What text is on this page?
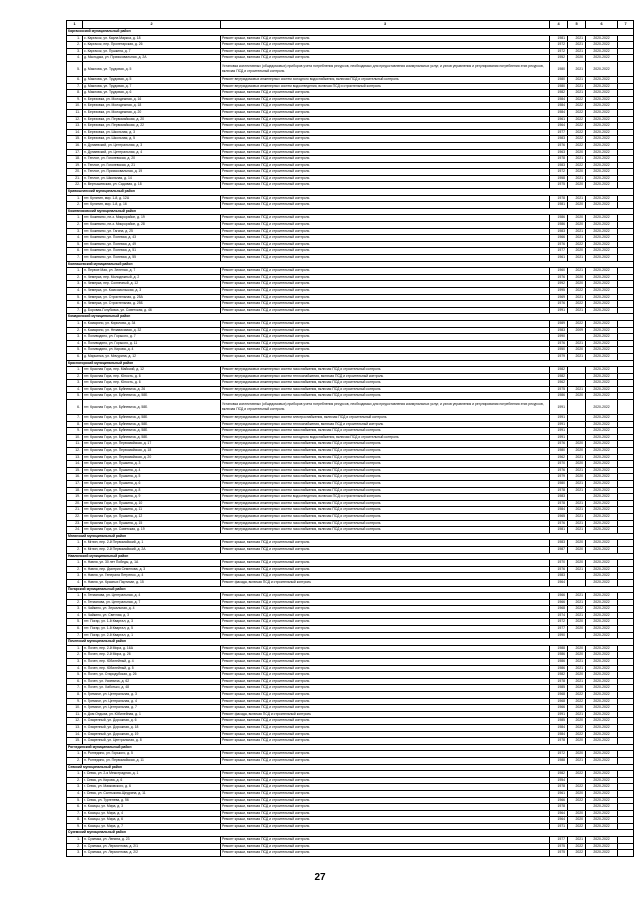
1	2	3	4	5	6	7
Каргасокский муниципальный район						
1.	с. Каргасок, ул. Карла Маркса, д. 18	Ремонт крыши, включая ПСД и строительный контроль	1981	2021	2020-2022	
2.	с. Каргасок, пер. Пролетарская, д. 26	Ремонт крыши, включая ПСД и строительный контроль	1972	2021	2020-2022	
3.	с. Каргасок, ул. Пушкина, д. 7	Ремонт крыши, включая ПСД и строительный контроль	1972	2021	2020-2022	
4.	д. Мыльджа, ул. Приисковальная, д. 2А	Ремонт крыши, включая ПСД и строительный контроль	1952	2020	2020-2022	
5.	д. Маклова, ул. Трудовая, д. 5	Установка коллективных (общедомовых) приборов учета потребления ресурсов, необходимых для предоставления коммунальных услуг, и узлов управления и регулирования потребления этих ресурсов, включая ПСД и строительный контроль	1980	2021	2020-2022	
6.	д. Маклова, ул. Трудовая, д. 5	Ремонт внутридомовых инженерных систем холодного водоснабжения, включая ПСД и строительный контроль	1980	2021	2020-2022	
7.	д. Маклова, ул. Трудовая, д. 7	Ремонт внутридомовых инженерных систем водоотведения, включая ПСД и строительный контроль	1980	2021	2020-2022	
8.	д. Маклова, ул. Трудовая, д. 6	Ремонт крыши, включая ПСД и строительный контроль	1982	2021	2020-2022	
9.	п. Березовка, ул. Молодежная, д. 16	Ремонт крыши, включая ПСД и строительный контроль	1984	2022	2020-2022	
10.	п. Березовка, ул. Молодежная, д. 18	Ремонт крыши, включая ПСД и строительный контроль	1984	2022	2020-2022	
11.	п. Березовка, ул. Молодежная, д. 20	Ремонт крыши, включая ПСД и строительный контроль	1984	2022	2020-2022	
12.	п. Березовка, ул. Первомайская, д. 20	Ремонт крыши, включая ПСД и строительный контроль	1961	2022	2020-2022	
13.	п. Березовка, ул. Первомайская, д. 22	Ремонт крыши, включая ПСД и строительный контроль	1964	2022	2020-2022	
14.	п. Березовка, ул. Школьная, д. 3	Ремонт крыши, включая ПСД и строительный контроль	1977	2022	2020-2022	
15.	п. Березовка, ул. Школьная, д. 5	Ремонт крыши, включая ПСД и строительный контроль	1983	2022	2020-2022	
16.	п. Дунаевский, ул. Центральная, д. 3	Ремонт крыши, включая ПСД и строительный контроль	1976	2022	2020-2022	
17.	п. Дунаевский, ул. Центральная, д. 4	Ремонт крыши, включая ПСД и строительный контроль	1963	2020	2020-2022	
18.	п. Теплое, ул. Гоголевская, д. 20	Ремонт крыши, включая ПСД и строительный контроль	1978	2021	2020-2022	
19.	п. Теплое, ул. Гоголевская, д. 21	Ремонт крыши, включая ПСД и строительный контроль	1983	2022	2020-2022	
20.	п. Теплое, ул. Приисковальная, д. 19	Ремонт крыши, включая ПСД и строительный контроль	1972	2020	2020-2022	
21.	п. Теплое, ул. Школьная, д. 14	Ремонт крыши, включая ПСД и строительный контроль	1958	2021	2020-2022	
22.	п. Вертышевская, ул. Садовая, д. 18	Ремонт крыши, включая ПСД и строительный контроль	1975	2020	2020-2022	
Кривошеинский муниципальный район						
1.	пгт. Кулитин, мкр. 1-й, д. 12А	Ремонт крыши, включая ПСД и строительный контроль	1978	2021	2020-2022	
2.	пгт. Кулитин, мкр. 1-й, д. 16	Ремонт крыши, включая ПСД и строительный контроль	1981	2020	2020-2022	
Кожевниковский муниципальный район						
1.	пгт. Кожевино, пл-з. Микрорайон, д. 19	Ремонт крыши, включая ПСД и строительный контроль	1986	2020	2020-2022	
2.	пгт. Кожевино, пл-з. Микрорайон, д. 28	Ремонт крыши, включая ПСД и строительный контроль	1986	2020	2020-2022	
3.	пгт. Кожевино, ул. Гагина, д. 25	Ремонт крыши, включая ПСД и строительный контроль	1983	2021	2020-2022	
4.	пгт. Кожевино, ул. Полевая, д. 43	Ремонт крыши, включая ПСД и строительный контроль	1966	2021	2020-2022	
5.	пгт. Кожевино, ул. Полевая, д. 49	Ремонт крыши, включая ПСД и строительный контроль	1976	2022	2020-2022	
6.	пгт. Кожевино, ул. Полевая, д. 51	Ремонт крыши, включая ПСД и строительный контроль	1977	2020	2020-2022	
7.	пгт. Кожевино, ул. Полевая, д. 55	Ремонт крыши, включая ПСД и строительный контроль	1961	2021	2020-2022	
Колпашевский муниципальный район						
1.	п. Первое Мая, ул. Зеленая, д. 7	Ремонт крыши, включая ПСД и строительный контроль	1960	2021	2020-2022	
2.	п. Чемерка, пер. Молодежный, д. 2	Ремонт крыши, включая ПСД и строительный контроль	1976	2020	2020-2022	
3.	п. Чемерка, пер. Солнечный, д. 12	Ремонт крыши, включая ПСД и строительный контроль	1992	2020	2020-2022	
4.	п. Чемерка, ул. Комсомольская, д. 3	Ремонт крыши, включая ПСД и строительный контроль	1995	2022	2020-2022	
5.	п. Чемерка, ул. Строительная, д. 25А	Ремонт крыши, включая ПСД и строительный контроль	1969	2021	2020-2022	
6.	п. Чемерка, ул. Строительная, д. 25Б	Ремонт крыши, включая ПСД и строительный контроль	1976	2022	2020-2022	
7.	д. Боровая-Голубовка, ул. Советская, д. 46	Ремонт крыши, включая ПСД и строительный контроль	1991	2021	2020-2022	
Комаринский муниципальный район						
1.	п. Комарино, ул. Кирилова, д. 34	Ремонт крыши, включая ПСД и строительный контроль	1989	2022	2020-2022	
2.	п. Комарино, ул. Независимая, д. 32	Ремонт крыши, включая ПСД и строительный контроль	1983	2009	2020-2022	
3.	п. Поливодино, ул. Горького, д. 7	Ремонт крыши, включая ПСД и строительный контроль	1990		2020-2022	
4.	п. Поливодино, ул. Горького, д. 11	Ремонт крыши, включая ПСД и строительный контроль	1976	2021	2020-2022	
5.	п. Поливодино, ул. Кирова, д. 4	Ремонт крыши, включая ПСД и строительный контроль	1950	2020	2020-2022	
6.	д. Марьинка, ул. Мичурина, д. 12	Ремонт крыши, включая ПСД и строительный контроль	1979	2021	2020-2022	
Красногорский муниципальный район						
1.	пгт. Красная Гора, пер. Майский, д. 12	Ремонт внутридомовых инженерных систем газоснабжения, включая ПСД и строительный контроль	1982		2020-2022	
2.	пгт. Красная Гора, пер. Юность, д. 6	Ремонт внутридомовых инженерных систем теплоснабжения, включая ПСД и строительный контроль	1982		2020-2022	
3.	пгт. Красная Гора, пер. Юность, д. 6	Ремонт внутридомовых инженерных систем газоснабжения, включая ПСД и строительный контроль	1962		2020-2022	
4.	пгт. Красная Гора, ул. Буйневича, д. 26	Ремонт внутридомовых инженерных систем газоснабжения, включая ПСД и строительный контроль	1975	2021	2020-2022	
5.	пгт. Красная Гора, ул. Буйневича, д. 58Б	Ремонт внутридомовых инженерных систем газоснабжения, включая ПСД и строительный контроль	1986	2020	2020-2022	
6.	пгт. Красная Гора, ул. Буйневича, д. 58Б	Установка коллективных (общедомовых) приборов учета потребления ресурсов, необходимых для предоставления коммунальных услуг, и узлов управления и регулирования потребления этих ресурсов, включая ПСД и строительный контроль	1991		2020-2022	
7.	пгт. Красная Гора, ул. Буйневича, д. 58Б	Ремонт внутридомовых инженерных систем электроснабжения, включая ПСД и строительный контроль	1991		2020-2022	
8.	пгт. Красная Гора, ул. Буйневича, д. 58Б	Ремонт внутридомовых инженерных систем теплоснабжения, включая ПСД и строительный контроль	1991		2020-2022	
9.	пгт. Красная Гора, ул. Буйневича, д. 58Б	Ремонт внутридомовых инженерных систем газоснабжения, включая ПСД и строительный контроль	1991		2020-2022	
10.	пгт. Красная Гора, ул. Буйневича, д. 58Б	Ремонт внутридомовых инженерных систем холодного водоснабжения, включая ПСД и строительный контроль	1991		2020-2022	
11.	пгт. Красная Гора, ул. Первомайская, д. 17	Ремонт внутридомовых инженерных систем газоснабжения, включая ПСД и строительный контроль	1976	2020	2020-2022	
12.	пгт. Красная Гора, ул. Первомайская, д. 18	Ремонт внутридомовых инженерных систем газоснабжения, включая ПСД и строительный контроль	1980	2020	2020-2022	
13.	пгт. Красная Гора, ул. Первомайская, д. 20	Ремонт внутридомовых инженерных систем газоснабжения, включая ПСД и строительный контроль	1962	2021	2020-2022	
14.	пгт. Красная Гора, ул. Пушкина, д. 3	Ремонт внутридомовых инженерных систем газоснабжения, включая ПСД и строительный контроль	1970	2020	2020-2022	
15.	пгт. Красная Гора, ул. Пушкина, д. 4	Ремонт внутридомовых инженерных систем газоснабжения, включая ПСД и строительный контроль	1976	2021	2020-2022	
16.	пгт. Красная Гора, ул. Пушкина, д. 5	Ремонт внутридомовых инженерных систем газоснабжения, включая ПСД и строительный контроль	1979	2020	2020-2022	
17.	пгт. Красная Гора, ул. Пушкина, д. 6	Ремонт внутридомовых инженерных систем газоснабжения, включая ПСД и строительный контроль	1980	2021	2020-2022	
18.	пгт. Красная Гора, ул. Пушкина, д. 8	Ремонт внутридомовых инженерных систем газоснабжения, включая ПСД и строительный контроль	1978	2021	2020-2022	
19.	пгт. Красная Гора, ул. Пушкина, д. 9	Ремонт внутридомовых инженерных систем водоотведения, включая ПСД и строительный контроль	1983		2020-2022	
20.	пгт. Красная Гора, ул. Пушкина, д. 10	Ремонт внутридомовых инженерных систем газоснабжения, включая ПСД и строительный контроль	1978	2021	2020-2022	
21.	пгт. Красная Гора, ул. Пушкина, д. 11	Ремонт внутридомовых инженерных систем газоснабжения, включая ПСД и строительный контроль	1984	2021	2020-2022	
22.	пгт. Красная Гора, ул. Пушкина, д. 12	Ремонт внутридомовых инженерных систем газоснабжения, включая ПСД и строительный контроль	1965	2021	2020-2022	
23.	пгт. Красная Гора, ул. Пушкина, д. 15	Ремонт внутридомовых инженерных систем газоснабжения, включая ПСД и строительный контроль	1976	2021	2020-2022	
24.	пгт. Красная Гора, ул. Советская, д. 19	Ремонт внутридомовых инженерных систем газоснабжения, включая ПСД и строительный контроль	1981	2021	2020-2022	
Мглинский муниципальный район						
1.	п. Мглин, пер. 2-й Первомайский, д. 1	Ремонт крыши, включая ПСД и строительный контроль	1983	2020	2020-2022	
2.	п. Мглин, пер. 2-й Первомайский, д. 2А	Ремонт крыши, включая ПСД и строительный контроль	1987	2020	2020-2022	
Навлинский муниципальный район						
1.	п. Навля, ул. 30 лет Победы, д. 1А	Ремонт крыши, включая ПСД и строительный контроль	1970	2020	2020-2022	
2.	п. Навля, пер. Дмитрия Семенова, д. 3	Ремонт крыши, включая ПСД и строительный контроль	1976	2021	2020-2022	
3.	п. Навля, ул. Генерала Петренко, д. 4	Ремонт крыши, включая ПСД и строительный контроль	1983		2020-2022	
4.	п. Навля, ул. Красных Партизан, д. 15	Ремонт фасада, включая ПСД и строительный контроль	1964		2020-2022	
Погарский муниципальный район						
1.	п. Гетманова, ул. Центральная, д. 4	Ремонт крыши, включая ПСД и строительный контроль	1966	2021	2020-2022	
2.	п. Гетманова, ул. Центральная, д. 7	Ремонт крыши, включая ПСД и строительный контроль	1966	2021	2020-2022	
3.	п. Чайкино, ул. Зеркальная, д. 4	Ремонт крыши, включая ПСД и строительный контроль	1968	2022	2020-2022	
4.	п. Чайкино, ул. Светлая, д. 3	Ремонт крыши, включая ПСД и строительный контроль	1974	2021	2020-2022	
5.	пгт. Погар, ул. 1-й Квартал, д. 3	Ремонт крыши, включая ПСД и строительный контроль	1972	2020	2020-2022	
6.	пгт. Погар, ул. 1-й Квартал, д. 5	Ремонт крыши, включая ПСД и строительный контроль	1977	2020	2020-2022	
7.	пгт. Погар, ул. 2-й Квартал, д. 1	Ремонт крыши, включая ПСД и строительный контроль	1990		2020-2022	
Почепский муниципальный район						
1.	п. Почеп, пер. 2-й Мира, д. 16А	Ремонт крыши, включая ПСД и строительный контроль	1988	2020	2020-2022	
2.	п. Почеп, пер. 2-й Мира, д. 26	Ремонт крыши, включая ПСД и строительный контроль	1986	2020	2020-2022	
3.	п. Почеп, пер. Юбилейный, д. 4	Ремонт крыши, включая ПСД и строительный контроль	1986	2021	2020-2022	
4.	п. Почеп, пер. Юбилейный, д. 5	Ремонт крыши, включая ПСД и строительный контроль	1986	2021	2020-2022	
5.	п. Почеп, ул. Стародубская, д. 26	Ремонт крыши, включая ПСД и строительный контроль	1982	2020	2020-2022	
6.	п. Почеп, ул. Усиевича, д. 62	Ремонт крыши, включая ПСД и строительный контроль	1978	2021	2020-2022	
7.	п. Почеп, ул. Хаботько, д. 48	Ремонт крыши, включая ПСД и строительный контроль	1985	2020	2020-2022	
8.	п. Гремяче, ул. Центральная, д. 3	Ремонт крыши, включая ПСД и строительный контроль	1968	2022	2020-2022	
9.	п. Гремяче, ул. Центральная, д. 4	Ремонт крыши, включая ПСД и строительный контроль	1968	2022	2020-2022	
10.	п. Гремяче, ул. Центральная, д. 7	Ремонт крыши, включая ПСД и строительный контроль	1966	2020	2020-2022	
11.	п. Дом Отдыха, ул. Юбилейная, д. 1	Ремонт фасада, включая ПСД и строительный контроль	1991	2021	2020-2022	
12.	п. Озаренный, ул. Дорожная, д. 6	Ремонт крыши, включая ПСД и строительный контроль	1985	2020	2020-2022	
13.	п. Озаренный, ул. Дорожная, д. 18	Ремонт крыши, включая ПСД и строительный контроль	1984	2022	2020-2022	
14.	п. Озаренный, ул. Дорожная, д. 19	Ремонт крыши, включая ПСД и строительный контроль	1984	2022	2020-2022	
15.	п. Озаренный, ул. Центральная, д. 8	Ремонт крыши, включая ПСД и строительный контроль	1978	2020	2020-2022	
Рогнединский муниципальный район						
1.	п. Рогнедино, ул. Горького, д. 5	Ремонт крыши, включая ПСД и строительный контроль	1972	2020	2020-2022	
2.	п. Рогнедино, ул. Первомайская, д. 11	Ремонт крыши, включая ПСД и строительный контроль	1988	2021	2020-2022	
Севский муниципальный район						
1.	г. Севск, ул. 2-я Межстрадная, д. 1	Ремонт крыши, включая ПСД и строительный контроль	1982	2022	2020-2022	
2.	г. Севск, ул. Кирова, д. 6	Ремонт крыши, включая ПСД и строительный контроль	1954		2020-2022	
3.	г. Севск, ул. Маяковского, д. 6	Ремонт крыши, включая ПСД и строительный контроль	1978	2022	2020-2022	
4.	г. Севск, ул. Салтыкова-Щедрина, д. 11	Ремонт крыши, включая ПСД и строительный контроль	1961	2020	2020-2022	
5.	г. Севск, ул. Тургенева, д. 56	Ремонт крыши, включая ПСД и строительный контроль	1966	2022	2020-2022	
6.	п. Косицы, ул. Мира, д. 3	Ремонт крыши, включая ПСД и строительный контроль	1978		2020-2022	
7.	п. Косицы, ул. Мира, д. 4	Ремонт крыши, включая ПСД и строительный контроль	1964	2020	2020-2022	
8.	п. Косицы, ул. Мира, д. 6	Ремонт крыши, включая ПСД и строительный контроль	1964	2020	2020-2022	
9.	п. Косицы, ул. Мира, д. 7	Ремонт крыши, включая ПСД и строительный контроль	1971	2022	2020-2022	
Суземский муниципальный район						
1.	п. Суземка, ул. Ленина, д. 23	Ремонт крыши, включая ПСД и строительный контроль	1977	2021	2020-2022	
2.	п. Суземка, ул. Лермонтова, д. 2/1	Ремонт крыши, включая ПСД и строительный контроль	1975	2022	2020-2022	
3.	п. Суземка, ул. Лермонтова, д. 2/2	Ремонт крыши, включая ПСД и строительный контроль	1975	2022	2020-2022	
27
